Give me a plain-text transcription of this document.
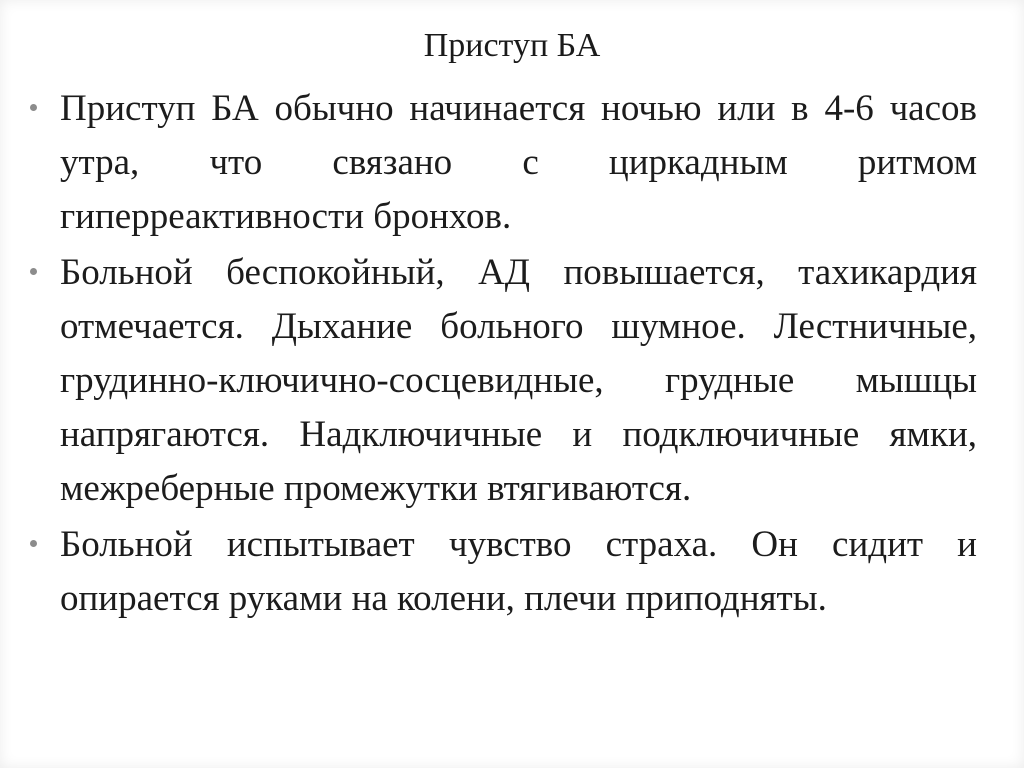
Приступ БА
Приступ БА обычно начинается ночью или в 4-6 часов утра, что связано с циркадным ритмом гиперреактивности бронхов.
Больной беспокойный, АД повышается, тахикардия отмечается. Дыхание больного шумное. Лестничные, грудинно-ключично-сосцевидные, грудные мышцы напрягаются. Надключичные и подключичные ямки, межреберные промежутки втягиваются.
Больной испытывает чувство страха. Он сидит и опирается руками на колени, плечи приподняты.
